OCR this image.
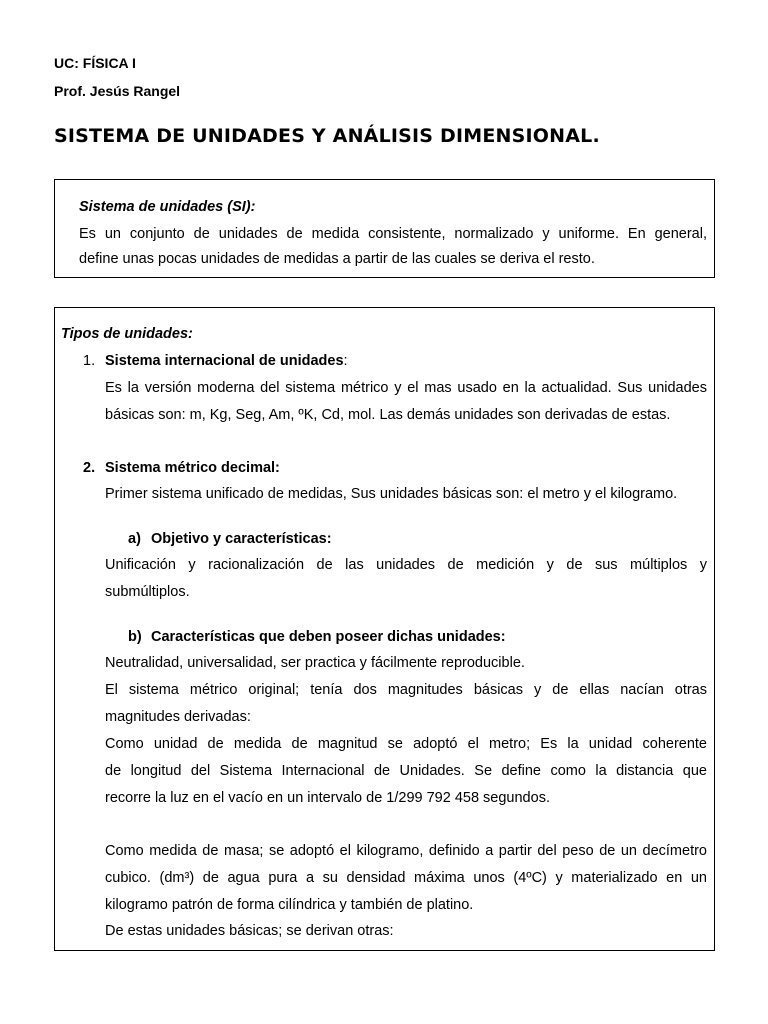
UC: FÍSICA I
Prof. Jesús Rangel
SISTEMA DE UNIDADES Y ANÁLISIS DIMENSIONAL.
Sistema de unidades (SI):
Es un conjunto de unidades de medida consistente, normalizado y uniforme. En general,
define unas pocas unidades de medidas a partir de las cuales se deriva el resto.
Tipos de unidades:
1. Sistema internacional de unidades:
Es la versión moderna del sistema métrico y el mas usado en la actualidad. Sus unidades
básicas son: m, Kg, Seg, Am, ºK, Cd, mol. Las demás unidades son derivadas de estas.
2. Sistema métrico decimal:
Primer sistema unificado de medidas, Sus unidades básicas son: el metro y el kilogramo.
a) Objetivo y características:
Unificación y racionalización de las unidades de medición y de sus múltiplos y
submúltiplos.
b) Características que deben poseer dichas unidades:
Neutralidad, universalidad, ser practica y fácilmente reproducible.
El sistema métrico original; tenía dos magnitudes básicas y de ellas nacían otras
magnitudes derivadas:
Como unidad de medida de magnitud se adoptó el metro; Es la unidad coherente
de longitud del Sistema Internacional de Unidades. Se define como la distancia que
recorre la luz en el vacío en un intervalo de 1/299 792 458 segundos.
Como medida de masa; se adoptó el kilogramo, definido a partir del peso de un decímetro
cubico. (dm³) de agua pura a su densidad máxima unos (4ºC) y materializado en un
kilogramo patrón de forma cilíndrica y también de platino.
De estas unidades básicas; se derivan otras:
